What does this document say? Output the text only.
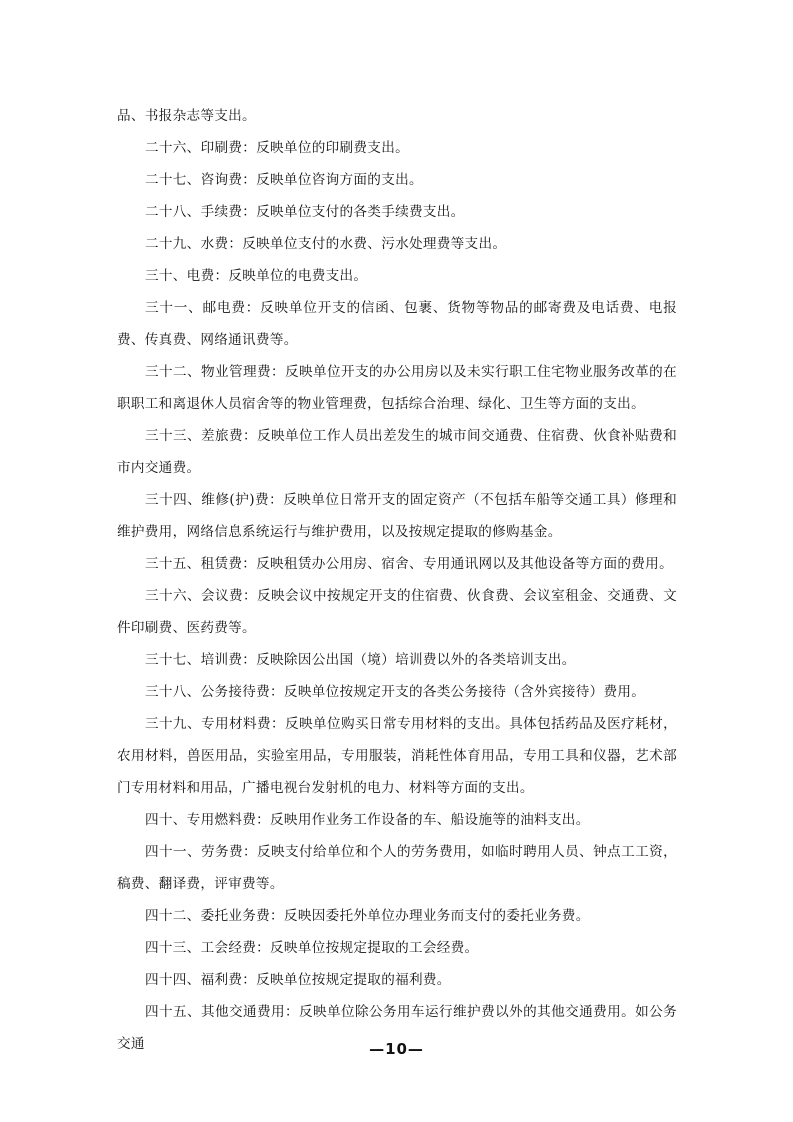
品、书报杂志等支出。

二十六、印刷费：反映单位的印刷费支出。

二十七、咨询费：反映单位咨询方面的支出。

二十八、手续费：反映单位支付的各类手续费支出。

二十九、水费：反映单位支付的水费、污水处理费等支出。

三十、电费：反映单位的电费支出。

三十一、邮电费：反映单位开支的信函、包裹、货物等物品的邮寄费及电话费、电报费、传真费、网络通讯费等。

三十二、物业管理费：反映单位开支的办公用房以及未实行职工住宅物业服务改革的在职职工和离退休人员宿舍等的物业管理费，包括综合治理、绿化、卫生等方面的支出。

三十三、差旅费：反映单位工作人员出差发生的城市间交通费、住宿费、伙食补贴费和市内交通费。

三十四、维修(护)费：反映单位日常开支的固定资产（不包括车船等交通工具）修理和维护费用，网络信息系统运行与维护费用，以及按规定提取的修购基金。

三十五、租赁费：反映租赁办公用房、宿舍、专用通讯网以及其他设备等方面的费用。

三十六、会议费：反映会议中按规定开支的住宿费、伙食费、会议室租金、交通费、文件印刷费、医药费等。

三十七、培训费：反映除因公出国（境）培训费以外的各类培训支出。

三十八、公务接待费：反映单位按规定开支的各类公务接待（含外宾接待）费用。

三十九、专用材料费：反映单位购买日常专用材料的支出。具体包括药品及医疗耗材，农用材料，兽医用品，实验室用品，专用服装，消耗性体育用品，专用工具和仪器，艺术部门专用材料和用品，广播电视台发射机的电力、材料等方面的支出。

四十、专用燃料费：反映用作业务工作设备的车、船设施等的油料支出。

四十一、劳务费：反映支付给单位和个人的劳务费用，如临时聘用人员、钟点工工资，稿费、翻译费，评审费等。

四十二、委托业务费：反映因委托外单位办理业务而支付的委托业务费。

四十三、工会经费：反映单位按规定提取的工会经费。

四十四、福利费：反映单位按规定提取的福利费。

四十五、其他交通费用：反映单位除公务用车运行维护费以外的其他交通费用。如公务交通	—10—
